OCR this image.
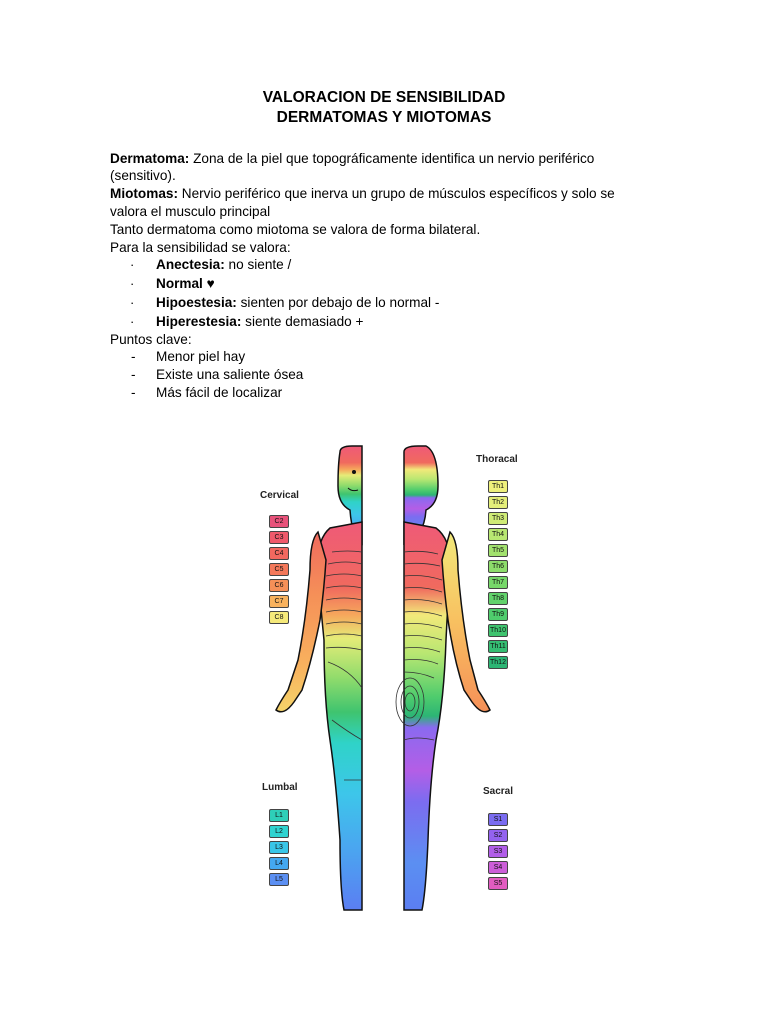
VALORACION DE SENSIBILIDAD
DERMATOMAS Y MIOTOMAS
Dermatoma: Zona de la piel que topográficamente identifica un nervio periférico
(sensitivo).
Miotomas: Nervio periférico que inerva un grupo de músculos específicos y solo se
valora el musculo principal
Tanto dermatoma como miotoma se valora de forma bilateral.
Para la sensibilidad se valora:
· Anectesia: no siente /
· Normal ♥
· Hipoestesia: sienten por debajo de lo normal -
· Hiperestesia: siente demasiado +
Puntos clave:
- Menor piel hay
- Existe una saliente ósea
- Más fácil de localizar
Cervical
C2
C3
C4
C5
C6
C7
C8
Thoracal
Th1
Th2
Th3
Th4
Th5
Th6
Th7
Th8
Th9
Th10
Th11
Th12
Lumbal
L1
L2
L3
L4
L5
Sacral
S1
S2
S3
S4
S5
